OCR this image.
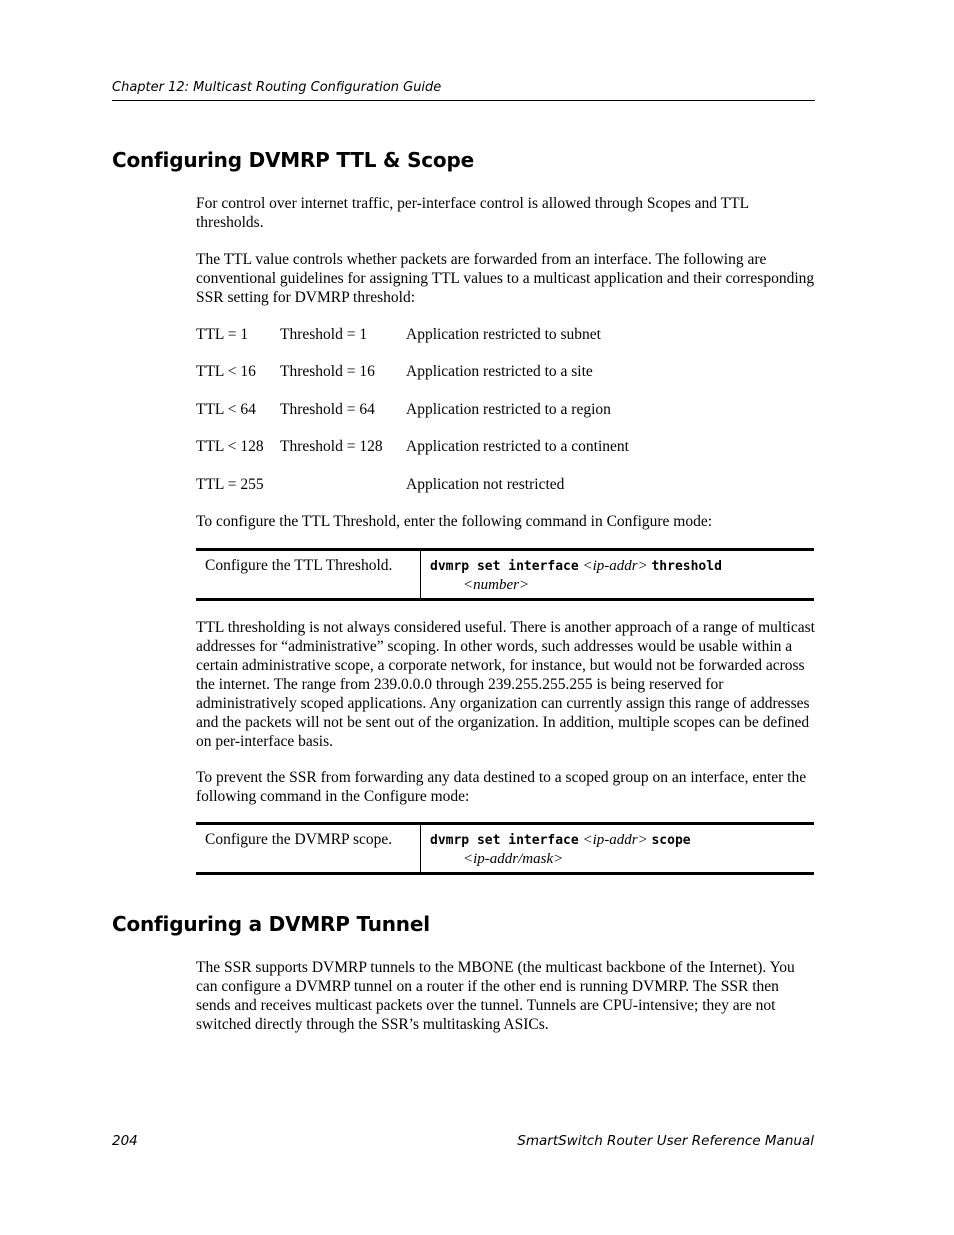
Chapter 12: Multicast Routing Configuration Guide
Configuring DVMRP TTL & Scope

For control over internet traffic, per-interface control is allowed through Scopes and TTL thresholds.

The TTL value controls whether packets are forwarded from an interface. The following are conventional guidelines for assigning TTL values to a multicast application and their corresponding SSR setting for DVMRP threshold:

TTL = 1 Threshold = 1	Application restricted to subnet
TTL < 16 Threshold = 16 Application restricted to a site
TTL < 64 Threshold = 64 Application restricted to a region
TTL < 128 Threshold = 128 Application restricted to a continent
TTL = 255	Application not restricted

To configure the TTL Threshold, enter the following command in Configure mode:

Configure the TTL Threshold.	dvmrp set interface <ip-addr> threshold
<number>

TTL thresholding is not always considered useful. There is another approach of a range of multicast addresses for “administrative” scoping. In other words, such addresses would be usable within a certain administrative scope, a corporate network, for instance, but would not be forwarded across the internet. The range from 239.0.0.0 through 239.255.255.255 is being reserved for administratively scoped applications. Any organization can currently assign this range of addresses and the packets will not be sent out of the organization. In addition, multiple scopes can be defined on per-interface basis.

To prevent the SSR from forwarding any data destined to a scoped group on an interface, enter the following command in the Configure mode:

Configure the DVMRP scope.	dvmrp set interface <ip-addr> scope
<ip-addr/mask>
Configuring a DVMRP Tunnel

The SSR supports DVMRP tunnels to the MBONE (the multicast backbone of the Internet). You can configure a DVMRP tunnel on a router if the other end is running DVMRP. The SSR then sends and receives multicast packets over the tunnel. Tunnels are CPU-intensive; they are not switched directly through the SSR’s multitasking ASICs.

204	SmartSwitch Router User Reference Manual
